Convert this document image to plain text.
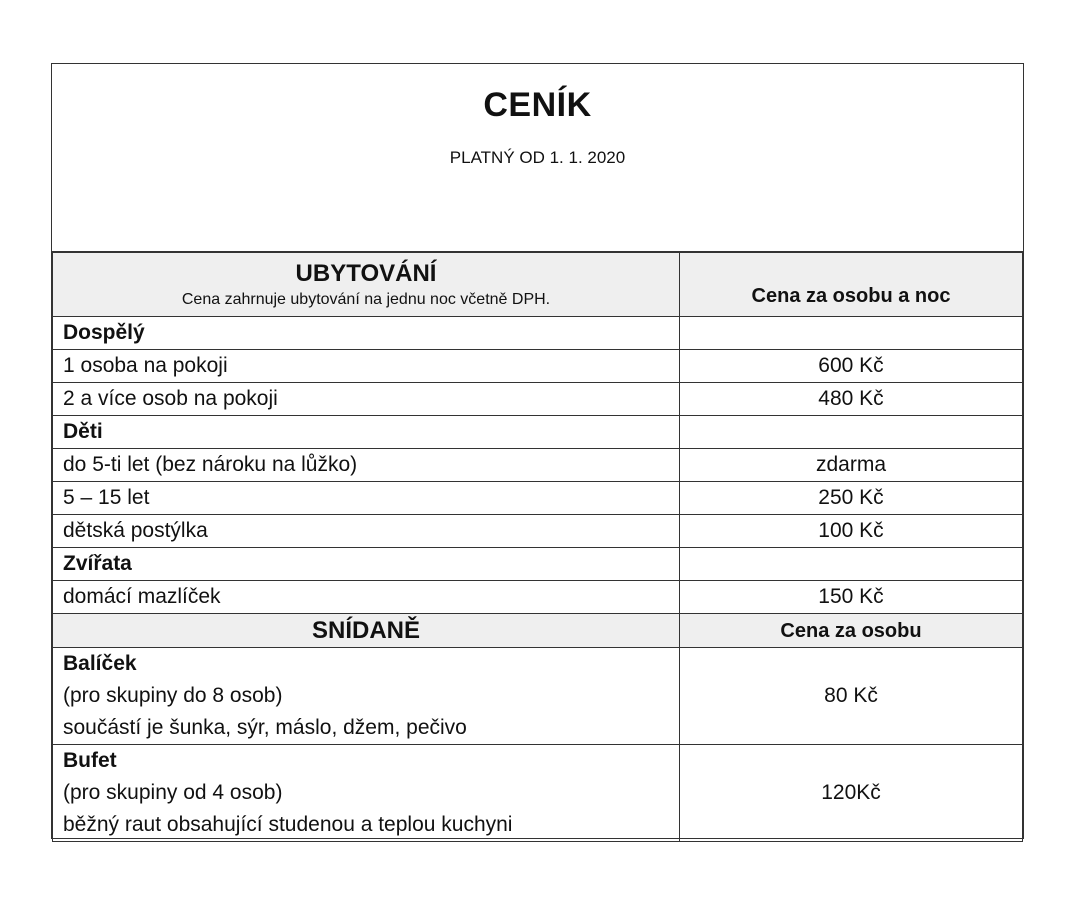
CENÍK
PLATNÝ OD 1. 1. 2020
UBYTOVÁNÍ
Cena zahrnuje ubytování na jednu noc včetně DPH.	Cena za osobu a noc
Dospělý	
1 osoba na pokoji	600 Kč
2 a více osob na pokoji	480 Kč
Děti	
do 5-ti let (bez nároku na lůžko)	zdarma
5 – 15 let	250 Kč
dětská postýlka	100 Kč
Zvířata	
domácí mazlíček	150 Kč

SNÍDANĚ	Cena za osobu

Balíček
(pro skupiny do 8 osob)
součástí je šunka, sýr, máslo, džem, pečivo	80 Kč

Bufet
(pro skupiny od 4 osob)
běžný raut obsahující studenou a teplou kuchyni	120Kč
